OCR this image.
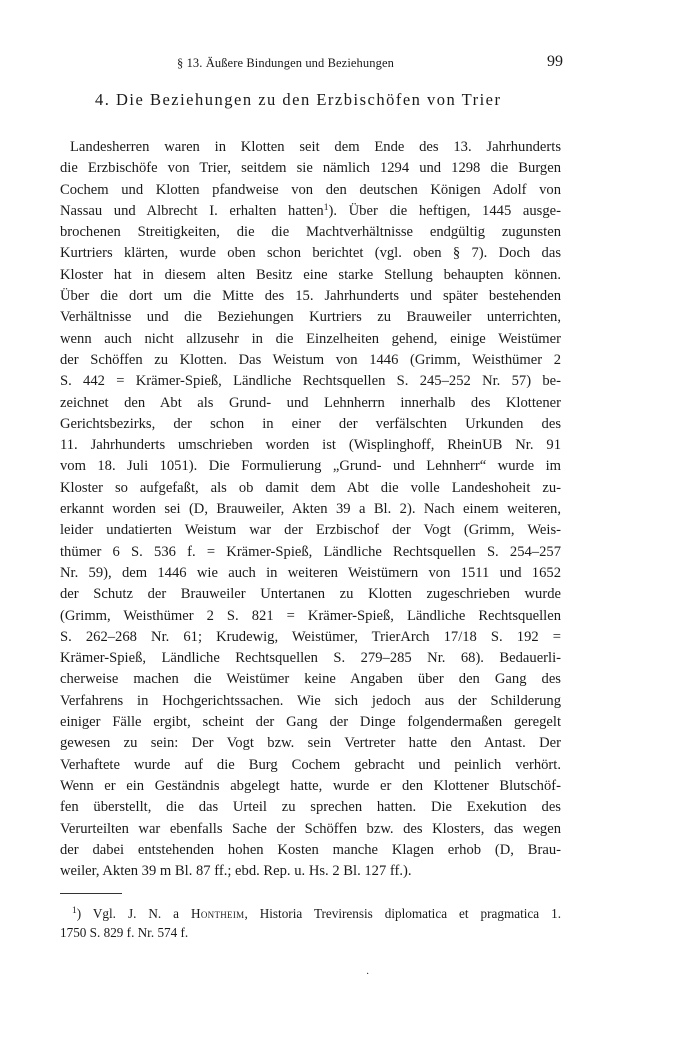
§ 13. Äußere Bindungen und Beziehungen	99
4. Die Beziehungen zu den Erzbischöfen von Trier
Landesherren waren in Klotten seit dem Ende des 13. Jahrhunderts
die Erzbischöfe von Trier, seitdem sie nämlich 1294 und 1298 die Burgen
Cochem und Klotten pfandweise von den deutschen Königen Adolf von
Nassau und Albrecht I. erhalten hatten$^1$). Über die heftigen, 1445 ausge-
brochenen Streitigkeiten, die die Machtverhältnisse endgültig zugunsten
Kurtriers klärten, wurde oben schon berichtet (vgl. oben § 7). Doch das
Kloster hat in diesem alten Besitz eine starke Stellung behaupten können.
Über die dort um die Mitte des 15. Jahrhunderts und später bestehenden
Verhältnisse und die Beziehungen Kurtriers zu Brauweiler unterrichten,
wenn auch nicht allzusehr in die Einzelheiten gehend, einige Weistümer
der Schöffen zu Klotten. Das Weistum von 1446 (Grimm, Weisthümer 2
S. 442 = Krämer-Spieß, Ländliche Rechtsquellen S. 245–252 Nr. 57) be-
zeichnet den Abt als Grund- und Lehnherrn innerhalb des Klottener
Gerichtsbezirks, der schon in einer der verfälschten Urkunden des
11. Jahrhunderts umschrieben worden ist (Wisplinghoff, RheinUB Nr. 91
vom 18. Juli 1051). Die Formulierung „Grund- und Lehnherr“ wurde im
Kloster so aufgefaßt, als ob damit dem Abt die volle Landeshoheit zu-
erkannt worden sei (D, Brauweiler, Akten 39 a Bl. 2). Nach einem weiteren,
leider undatierten Weistum war der Erzbischof der Vogt (Grimm, Weis-
thümer 6 S. 536 f. = Krämer-Spieß, Ländliche Rechtsquellen S. 254–257
Nr. 59), dem 1446 wie auch in weiteren Weistümern von 1511 und 1652
der Schutz der Brauweiler Untertanen zu Klotten zugeschrieben wurde
(Grimm, Weisthümer 2 S. 821 = Krämer-Spieß, Ländliche Rechtsquellen
S. 262–268 Nr. 61; Krudewig, Weistümer, TrierArch 17/18 S. 192 =
Krämer-Spieß, Ländliche Rechtsquellen S. 279–285 Nr. 68). Bedauerli-
cherweise machen die Weistümer keine Angaben über den Gang des
Verfahrens in Hochgerichtssachen. Wie sich jedoch aus der Schilderung
einiger Fälle ergibt, scheint der Gang der Dinge folgendermaßen geregelt
gewesen zu sein: Der Vogt bzw. sein Vertreter hatte den Antast. Der
Verhaftete wurde auf die Burg Cochem gebracht und peinlich verhört.
Wenn er ein Geständnis abgelegt hatte, wurde er den Klottener Blutschöf-
fen überstellt, die das Urteil zu sprechen hatten. Die Exekution des
Verurteilten war ebenfalls Sache der Schöffen bzw. des Klosters, das wegen
der dabei entstehenden hohen Kosten manche Klagen erhob (D, Brau-
weiler, Akten 39 m Bl. 87 ff.; ebd. Rep. u. Hs. 2 Bl. 127 ff.).
$^1$) Vgl. J. N. a Hontheim, Historia Trevirensis diplomatica et pragmatica 1.
1750 S. 829 f. Nr. 574 f.
·
